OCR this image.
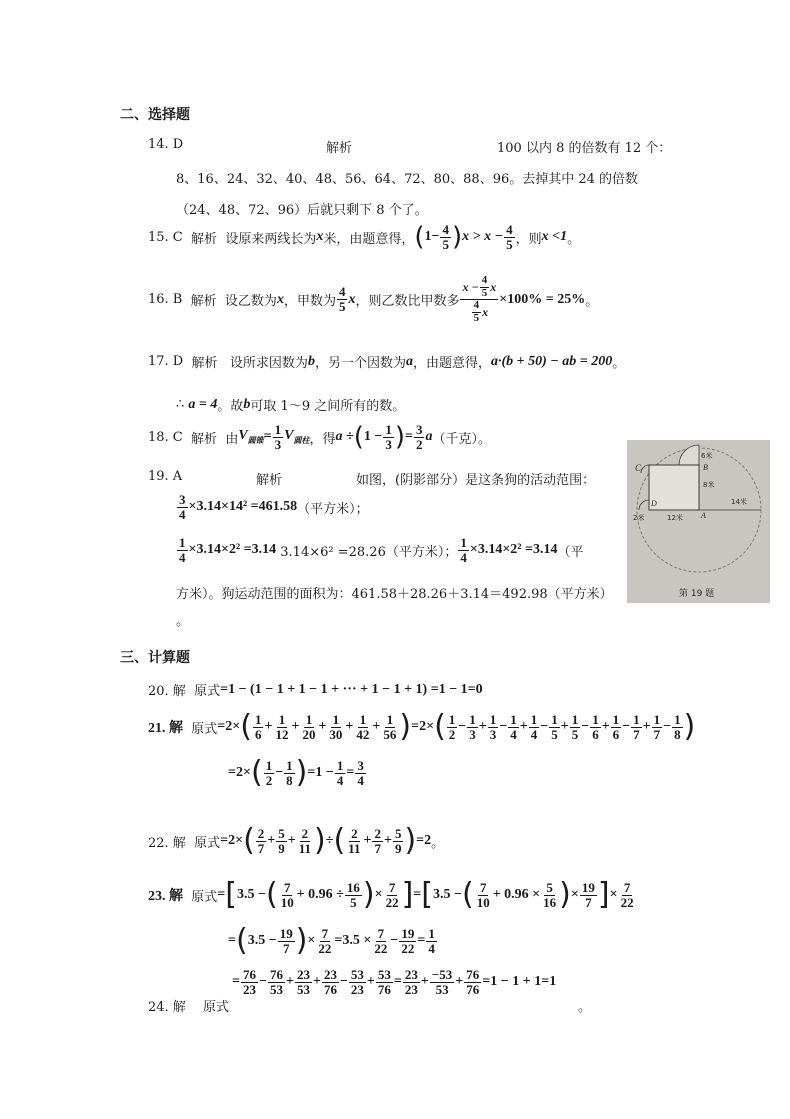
二、选择题
14. D	解析	100 以内 8 的倍数有 12 个：
8、16、24、32、40、48、56、64、72、80、88、96。去掉其中 24 的倍数
（24、48、72、96）后就只剩下 8 个了。
15. C
解析
设原来两线长为 x 米，由题意得， ( $1 - \frac{4}{5}$ ) $x > x - \frac{4}{5}$ ，则 x <1 。
16. B
解析
设乙数为 x ，甲数为 $\frac{4}{5}$ x ，则乙数比甲数多 $\frac{x - \frac{4}{5} x}{\frac{4}{5} x} \times 100\% = 25\%$ 。
17. D
解析
设所求因数为 b ，另一个因数为 a ，由题意得， a·(b + 50) − ab = 200 。
∴
a = 4 。故 b 可取 1～9 之间所有的数。
18. C
解析
由 $V_{圆锥} = \frac{1}{3} V_{圆柱}$ ，得 a ÷ ( $1 - \frac{1}{3}$ ) = $\frac{3}{2}$ a （千克）。
19. A	解析	如图，(阴影部分）是这条狗的活动范围：
$\frac{3}{4} \times 3.14\times 14^2 =461.58$ （平方米）；
$\frac{1}{4} \times 3.14\times 2^2 =3.14$
3.14×6² =28.26（平方米）； $\frac{1}{4} \times 3.14\times 2^2 =3.14$ （平
方米）。狗运动范围的面积为：461.58＋28.26＋3.14＝492.98（平方米）
。
C	B
D
A
6米
8米
14米
2米	12米
第 19 题
三、计算题
20. 解
原式 =1 − (1 − 1 + 1 − 1 + ··· + 1 − 1 + 1) =1 − 1=0
21. 解
原式 =2× ( $\frac{1}{6} + \frac{1}{12} + \frac{1}{20} + \frac{1}{30} + \frac{1}{42} + \frac{1}{56}$ ) =2× ( $\frac{1}{2} - \frac{1}{3} + \frac{1}{3} - \frac{1}{4} + \frac{1}{4} - \frac{1}{5} + \frac{1}{5} - \frac{1}{6} + \frac{1}{6} - \frac{1}{7} + \frac{1}{7} - \frac{1}{8}$ )
=2× ( $\frac{1}{2} - \frac{1}{8}$ ) $=1 - \frac{1}{4} = \frac{3}{4}$
22. 解
原式 =2× ( $\frac{2}{7} + \frac{5}{9} + \frac{2}{11}$ ) ÷ ( $\frac{2}{11} + \frac{2}{7} + \frac{5}{9}$ ) =2 。
23. 解
原式 = [ 3.5 − ( $\frac{7}{10} + 0.96 \div \frac{16}{5}$ ) × $\frac{7}{22}$ ] = [ 3.5 − ( $\frac{7}{10} + 0.96 \times \frac{5}{16}$ ) × $\frac{19}{7}$ ] × $\frac{7}{22}$
= ( $3.5 - \frac{19}{7}$ ) × $\frac{7}{22} =3.5 \times \frac{7}{22} - \frac{19}{22} = \frac{1}{4}$
24. 解 原式
= $\frac{76}{23} - \frac{76}{53} + \frac{23}{53} + \frac{23}{76} - \frac{53}{23} + \frac{53}{76} = \frac{23}{23} + \frac{-53}{53} + \frac{76}{76} =1 - 1 + 1=1$
。
